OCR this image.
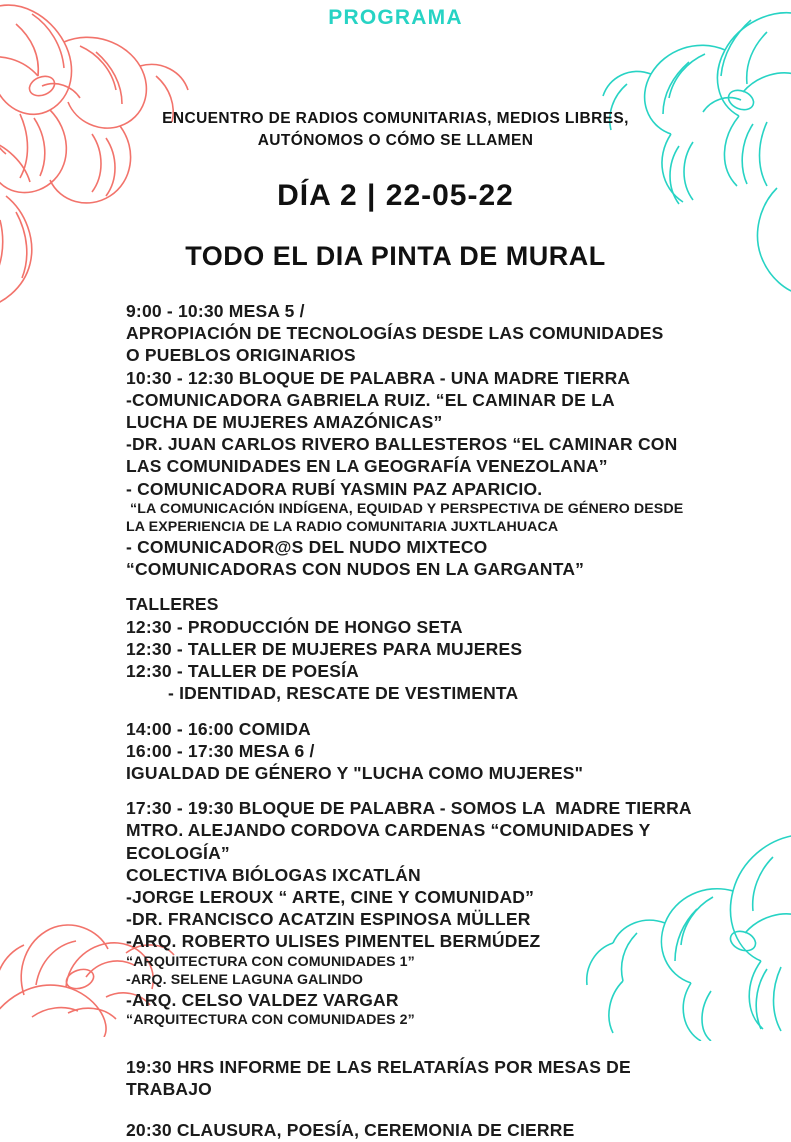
PROGRAMA
ENCUENTRO DE RADIOS COMUNITARIAS, MEDIOS LIBRES,
AUTÓNOMOS O CÓMO SE LLAMEN
DÍA 2 | 22-05-22
TODO EL DIA PINTA DE MURAL
9:00 - 10:30 MESA 5 /
APROPIACIÓN DE TECNOLOGÍAS DESDE LAS COMUNIDADES
O PUEBLOS ORIGINARIOS
10:30 - 12:30 BLOQUE DE PALABRA - UNA MADRE TIERRA
-COMUNICADORA GABRIELA RUIZ. “EL CAMINAR DE LA
LUCHA DE MUJERES AMAZÓNICAS”
-DR. JUAN CARLOS RIVERO BALLESTEROS “EL CAMINAR CON
LAS COMUNIDADES EN LA GEOGRAFÍA VENEZOLANA”
- COMUNICADORA RUBÍ YASMIN PAZ APARICIO.
“LA COMUNICACIÓN INDÍGENA, EQUIDAD Y PERSPECTIVA DE GÉNERO DESDE
LA EXPERIENCIA DE LA RADIO COMUNITARIA JUXTLAHUACA
- COMUNICADOR@S DEL NUDO MIXTECO
“COMUNICADORAS CON NUDOS EN LA GARGANTA”
TALLERES
12:30 - PRODUCCIÓN DE HONGO SETA
12:30 - TALLER DE MUJERES PARA MUJERES
12:30 - TALLER DE POESÍA
- IDENTIDAD, RESCATE DE VESTIMENTA
14:00 - 16:00 COMIDA
16:00 - 17:30 MESA 6 /
IGUALDAD DE GÉNERO Y "LUCHA COMO MUJERES"
17:30 - 19:30 BLOQUE DE PALABRA - SOMOS LA  MADRE TIERRA
MTRO. ALEJANDO CORDOVA CARDENAS “COMUNIDADES Y ECOLOGÍA”
COLECTIVA BIÓLOGAS IXCATLÁN
-JORGE LEROUX “ ARTE, CINE Y COMUNIDAD”
-DR. FRANCISCO ACATZIN ESPINOSA MÜLLER
-ARQ. ROBERTO ULISES PIMENTEL BERMÚDEZ
“ARQUITECTURA CON COMUNIDADES 1”
-ARQ. SELENE LAGUNA GALINDO
-ARQ. CELSO VALDEZ VARGAR
“ARQUITECTURA CON COMUNIDADES 2”
19:30 HRS INFORME DE LAS RELATARÍAS POR MESAS DE
TRABAJO
20:30 CLAUSURA, POESÍA, CEREMONIA DE CIERRE
